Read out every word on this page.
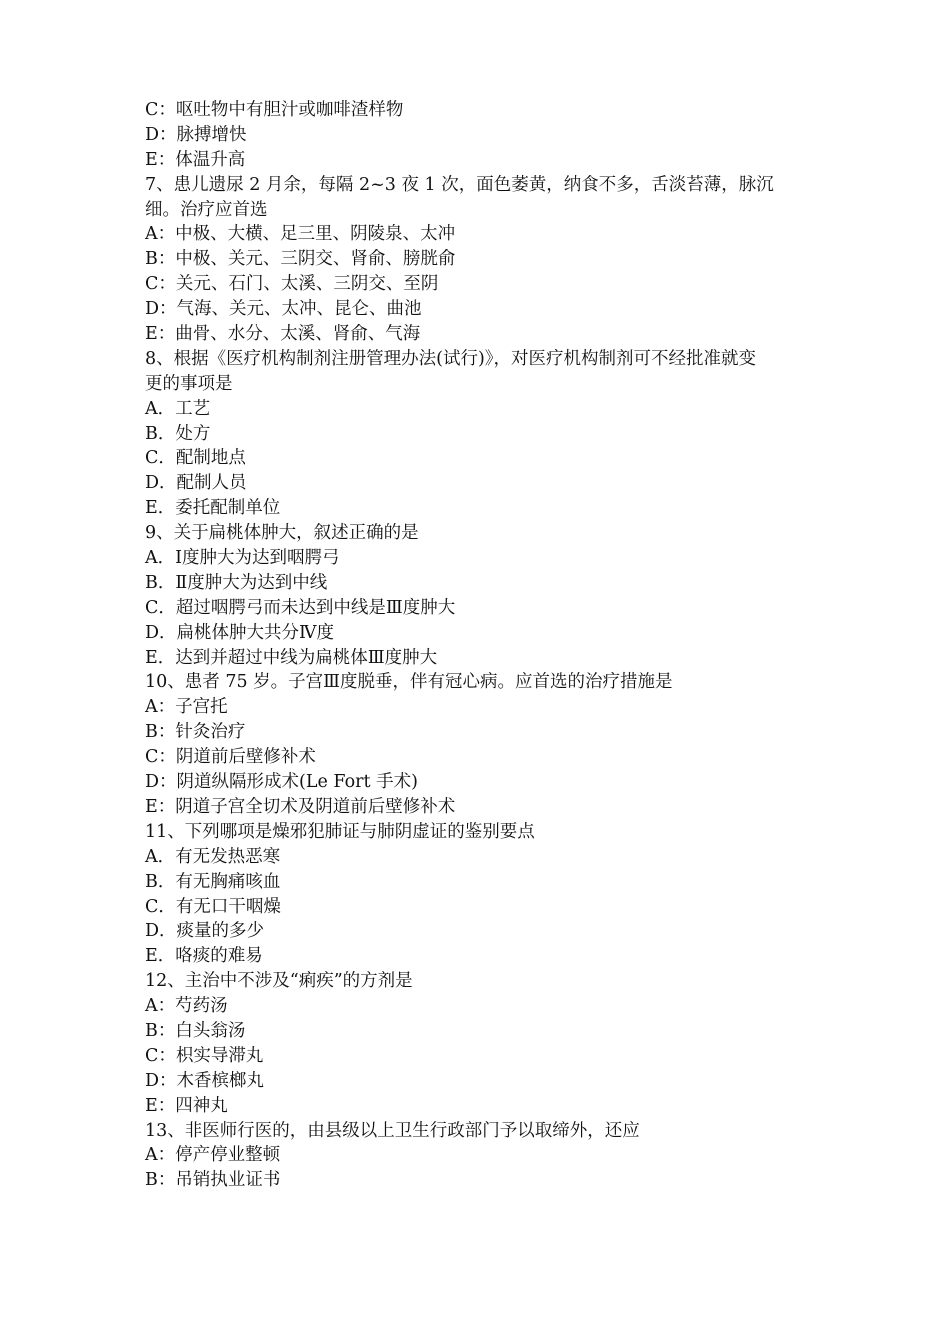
C：呕吐物中有胆汁或咖啡渣样物

D：脉搏增快

E：体温升高

7、患儿遗尿 2 月余，每隔 2~3 夜 1 次，面色萎黄，纳食不多，舌淡苔薄，脉沉

细。治疗应首选

A：中极、大横、足三里、阴陵泉、太冲

B：中极、关元、三阴交、肾俞、膀胱俞

C：关元、石门、太溪、三阴交、至阴

D：气海、关元、太冲、昆仑、曲池

E：曲骨、水分、太溪、肾俞、气海

8、根据《医疗机构制剂注册管理办法(试行)》，对医疗机构制剂可不经批准就变

更的事项是

A．工艺

B．处方

C．配制地点

D．配制人员

E．委托配制单位

9、关于扁桃体肿大，叙述正确的是

A．Ⅰ度肿大为达到咽腭弓

B．Ⅱ度肿大为达到中线

C．超过咽腭弓而未达到中线是Ⅲ度肿大

D．扁桃体肿大共分Ⅳ度

E．达到并超过中线为扁桃体Ⅲ度肿大

10、患者 75 岁。子宫Ⅲ度脱垂，伴有冠心病。应首选的治疗措施是

A：子宫托

B：针灸治疗

C：阴道前后壁修补术

D：阴道纵隔形成术(Le Fort 手术)

E：阴道子宫全切术及阴道前后壁修补术

11、下列哪项是燥邪犯肺证与肺阴虚证的鉴别要点

A．有无发热恶寒

B．有无胸痛咳血

C．有无口干咽燥

D．痰量的多少

E．咯痰的难易

12、主治中不涉及“痢疾”的方剂是

A：芍药汤

B：白头翁汤

C：枳实导滞丸

D：木香槟榔丸

E：四神丸

13、非医师行医的，由县级以上卫生行政部门予以取缔外，还应

A：停产停业整顿

B：吊销执业证书
